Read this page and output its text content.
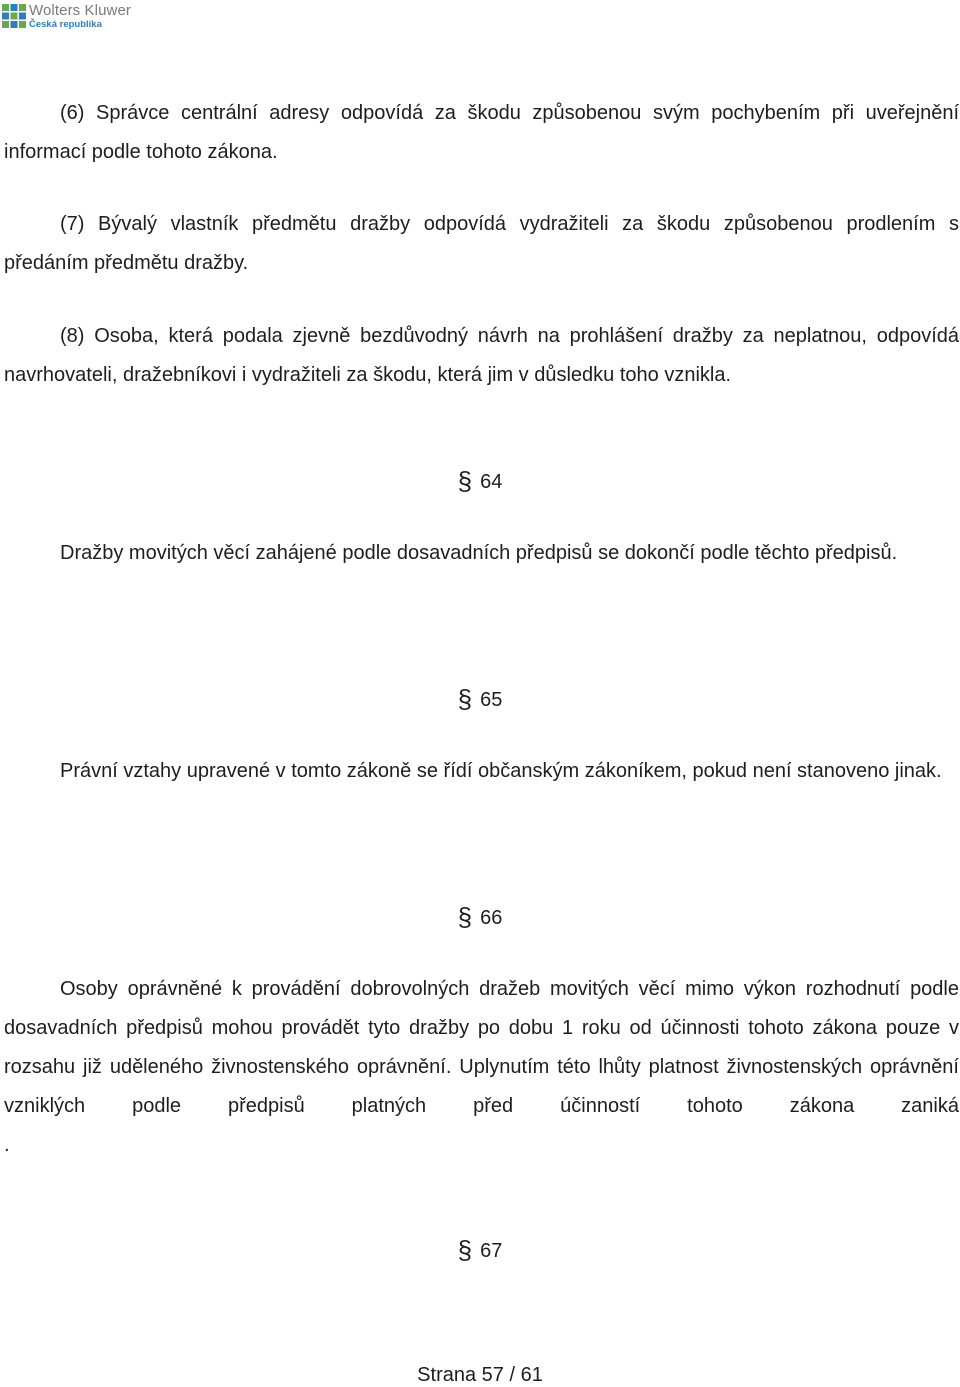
Wolters Kluwer
Česká republika

(6) Správce centrální adresy odpovídá za škodu způsobenou svým pochybením při uveřejnění informací podle tohoto zákona.

(7) Bývalý vlastník předmětu dražby odpovídá vydražiteli za škodu způsobenou prodlením s předáním předmětu dražby.

(8) Osoba, která podala zjevně bezdůvodný návrh na prohlášení dražby za neplatnou, odpovídá navrhovateli, dražebníkovi i vydražiteli za škodu, která jim v důsledku toho vznikla.

§ 64

Dražby movitých věcí zahájené podle dosavadních předpisů se dokončí podle těchto předpisů.

§ 65

Právní vztahy upravené v tomto zákoně se řídí občanským zákoníkem, pokud není stanoveno jinak.

§ 66

Osoby oprávněné k provádění dobrovolných dražeb movitých věcí mimo výkon rozhodnutí podle dosavadních předpisů mohou provádět tyto dražby po dobu 1 roku od účinnosti tohoto zákona pouze v rozsahu již uděleného živnostenského oprávnění. Uplynutím této lhůty platnost živnostenských oprávnění vzniklých podle předpisů platných před účinností tohoto zákona zaniká

.

§ 67
Strana 57 / 61
